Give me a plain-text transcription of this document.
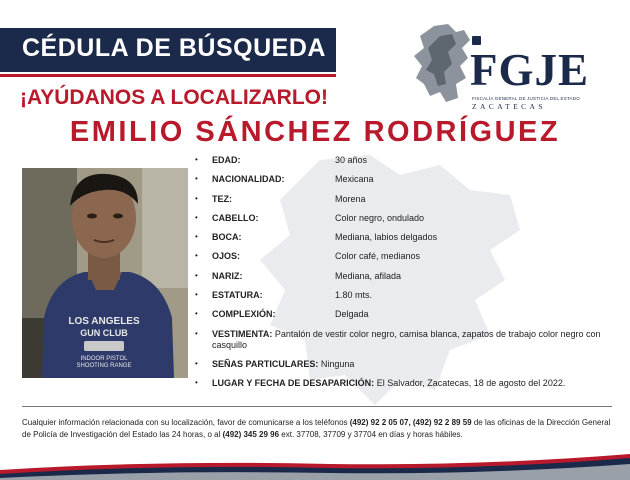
CÉDULA DE BÚSQUEDA
¡AYÚDANOS A LOCALIZARLO!
EMILIO SÁNCHEZ RODRÍGUEZ
FGJE
FISCALÍA GENERAL DE JUSTICIA DEL ESTADO
ZACATECAS
LOS ANGELES
GUN CLUB
INDOOR PISTOL
SHOOTING RANGE
• EDAD:	30 años
• NACIONALIDAD:	Mexicana
• TEZ:	Morena
• CABELLO:	Color negro, ondulado
• BOCA:	Mediana, labios delgados
• OJOS:	Color café, medianos
• NARIZ:	Mediana, afilada
• ESTATURA:	1.80 mts.
• COMPLEXIÓN:	Delgada
• VESTIMENTA: Pantalón de vestir color negro, camisa blanca, zapatos de trabajo color negro con casquillo
• SEÑAS PARTICULARES: Ninguna
• LUGAR Y FECHA DE DESAPARICIÓN: El Salvador, Zacatecas, 18 de agosto del 2022.
Cualquier información relacionada con su localización, favor de comunicarse a los teléfonos (492) 92 2 05 07, (492) 92 2 89 59 de las oficinas de la Dirección General de Policía de Investigación del Estado las 24 horas, o al (492) 345 29 96 ext. 37708, 37709 y 37704 en días y horas hábiles.
